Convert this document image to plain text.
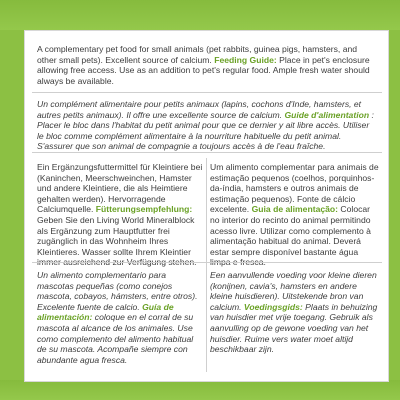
A complementary pet food for small animals (pet rabbits, guinea pigs, hamsters, and other small pets). Excellent source of calcium. Feeding Guide: Place in pet's enclosure allowing free access. Use as an addition to pet's regular food. Ample fresh water should always be available.
Un complément alimentaire pour petits animaux (lapins, cochons d'Inde, hamsters, et autres petits animaux). Il offre une excellente source de calcium. Guide d'alimentation : Placer le bloc dans l'habitat du petit animal pour que ce dernier y ait libre accès. Utiliser le bloc comme complément alimentaire à la nourriture habituelle du petit animal. S'assurer que son animal de compagnie a toujours accès à de l'eau fraîche.
Ein Ergänzungsfuttermittel für Kleintiere bei (Kaninchen, Meerschweinchen, Hamster und andere Kleintiere, die als Heimtiere gehalten werden). Hervorragende Calciumquelle. Fütterungsempfehlung: Geben Sie den Living World Mineralblock als Ergänzung zum Hauptfutter frei zugänglich in das Wohnheim Ihres Kleintieres. Wasser sollte Ihrem Kleintier
Um alimento complementar para animais de estimação pequenos (coelhos, porquinhos-da-índia, hamsters e outros animais de estimação pequenos). Fonte de cálcio excelente. Guia de alimentação: Colocar no interior do recinto do animal permitindo acesso livre. Utilizar como complemento à alimentação habitual do animal. Deverá estar sempre disponível bastante água
Un alimento complementario para mascotas pequeñas (como conejos mascota, cobayos, hámsters, entre otros). Excelente fuente de calcio. Guía de alimentación: coloque en el corral de su mascota al alcance de los animales. Use como complemento del alimento habitual de su mascota. Acompañe siempre con abundante agua fresca.
Een aanvullende voeding voor kleine dieren (konijnen, cavia's, hamsters en andere kleine huisdieren). Uitstekende bron van calcium. Voedingsgids: Plaats in behuizing van huisdier met vrije toegang. Gebruik als aanvulling op de gewone voeding van het huisdier. Ruime vers water moet altijd beschikbaar zijn.
